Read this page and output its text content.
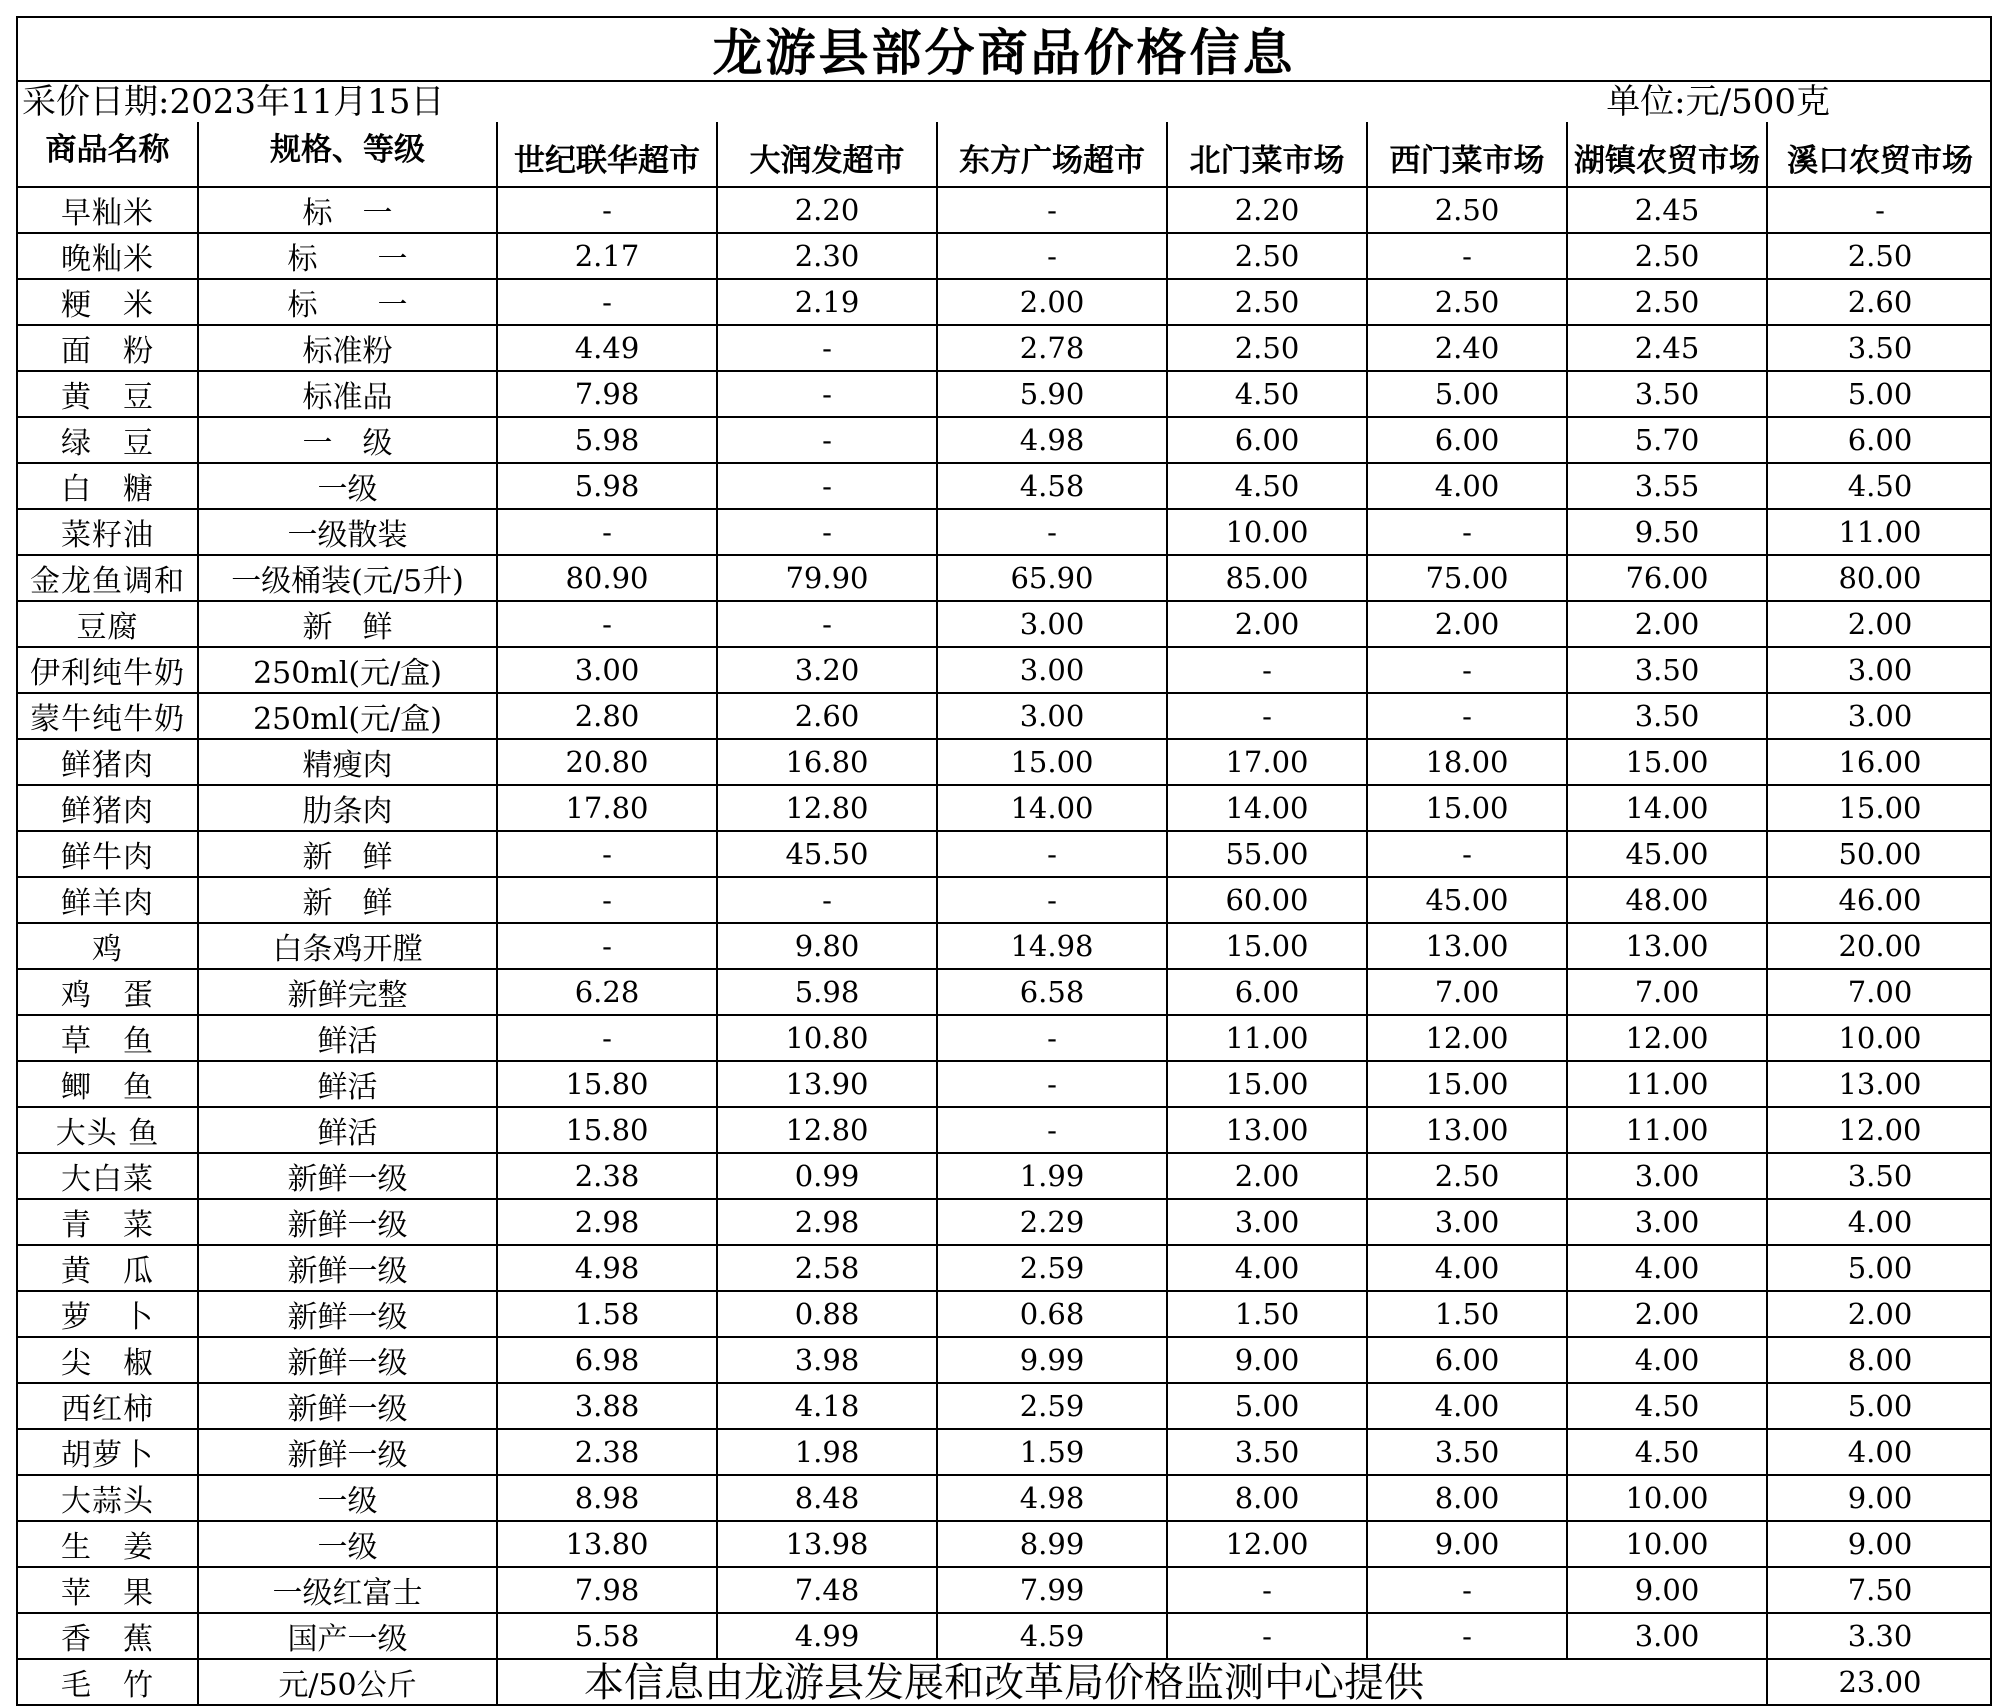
龙游县部分商品价格信息
采价日期:2023年11月15日	单位:元/500克
商品名称	规格、等级	世纪联华超市	大润发超市	东方广场超市	北门菜市场	西门菜市场	湖镇农贸市场	溪口农贸市场
早籼米	标　一	-	2.20	-	2.20	2.50	2.45	-
晚籼米	标　　一	2.17	2.30	-	2.50	-	2.50	2.50
粳　米	标　　一	-	2.19	2.00	2.50	2.50	2.50	2.60
面　粉	标准粉	4.49	-	2.78	2.50	2.40	2.45	3.50
黄　豆	标准品	7.98	-	5.90	4.50	5.00	3.50	5.00
绿　豆	一　级	5.98	-	4.98	6.00	6.00	5.70	6.00
白　糖	一级	5.98	-	4.58	4.50	4.00	3.55	4.50
菜籽油	一级散装	-	-	-	10.00	-	9.50	11.00
金龙鱼调和	一级桶装(元/5升)	80.90	79.90	65.90	85.00	75.00	76.00	80.00
豆腐	新　鲜	-	-	3.00	2.00	2.00	2.00	2.00
伊利纯牛奶	250ml(元/盒)	3.00	3.20	3.00	-	-	3.50	3.00
蒙牛纯牛奶	250ml(元/盒)	2.80	2.60	3.00	-	-	3.50	3.00
鲜猪肉	精瘦肉	20.80	16.80	15.00	17.00	18.00	15.00	16.00
鲜猪肉	肋条肉	17.80	12.80	14.00	14.00	15.00	14.00	15.00
鲜牛肉	新　鲜	-	45.50	-	55.00	-	45.00	50.00
鲜羊肉	新　鲜	-	-	-	60.00	45.00	48.00	46.00
鸡	白条鸡开膛	-	9.80	14.98	15.00	13.00	13.00	20.00
鸡　蛋	新鲜完整	6.28	5.98	6.58	6.00	7.00	7.00	7.00
草　鱼	鲜活	-	10.80	-	11.00	12.00	12.00	10.00
鲫　鱼	鲜活	15.80	13.90	-	15.00	15.00	11.00	13.00
大头 鱼	鲜活	15.80	12.80	-	13.00	13.00	11.00	12.00
大白菜	新鲜一级	2.38	0.99	1.99	2.00	2.50	3.00	3.50
青　菜	新鲜一级	2.98	2.98	2.29	3.00	3.00	3.00	4.00
黄　瓜	新鲜一级	4.98	2.58	2.59	4.00	4.00	4.00	5.00
萝　卜	新鲜一级	1.58	0.88	0.68	1.50	1.50	2.00	2.00
尖　椒	新鲜一级	6.98	3.98	9.99	9.00	6.00	4.00	8.00
西红柿	新鲜一级	3.88	4.18	2.59	5.00	4.00	4.50	5.00
胡萝卜	新鲜一级	2.38	1.98	1.59	3.50	3.50	4.50	4.00
大蒜头	一级	8.98	8.48	4.98	8.00	8.00	10.00	9.00
生　姜	一级	13.80	13.98	8.99	12.00	9.00	10.00	9.00
苹　果	一级红富士	7.98	7.48	7.99	-	-	9.00	7.50
香　蕉	国产一级	5.58	4.99	4.59	-	-	3.00	3.30
毛　竹	元/50公斤							23.00
本信息由龙游县发展和改革局价格监测中心提供
